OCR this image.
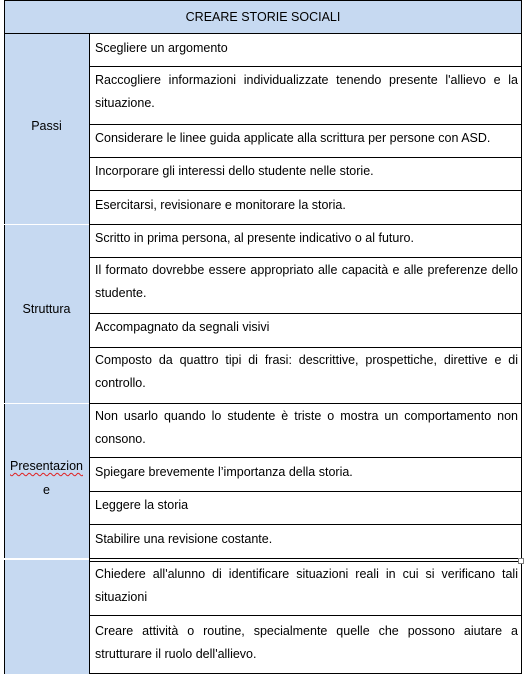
CREARE STORIE SOCIALI
Passi
Struttura
Presentazion
e
Scegliere un argomento
Raccogliere informazioni individualizzate tenendo presente l'allievo e la situazione.
Considerare le linee guida applicate alla scrittura per persone con ASD.
Incorporare gli interessi dello studente nelle storie.
Esercitarsi, revisionare e monitorare la storia.
Scritto in prima persona, al presente indicativo o al futuro.
Il formato dovrebbe essere appropriato alle capacità e alle preferenze dello studente.
Accompagnato da segnali visivi
Composto da quattro tipi di frasi: descrittive, prospettiche, direttive e di controllo.
Non usarlo quando lo studente è triste o mostra un comportamento non consono.
Spiegare brevemente l’importanza della storia.
Leggere la storia
Stabilire una revisione costante.
Chiedere all'alunno di identificare situazioni reali in cui si verificano tali situazioni
Creare attività o routine, specialmente quelle che possono aiutare a strutturare il ruolo dell'allievo.
